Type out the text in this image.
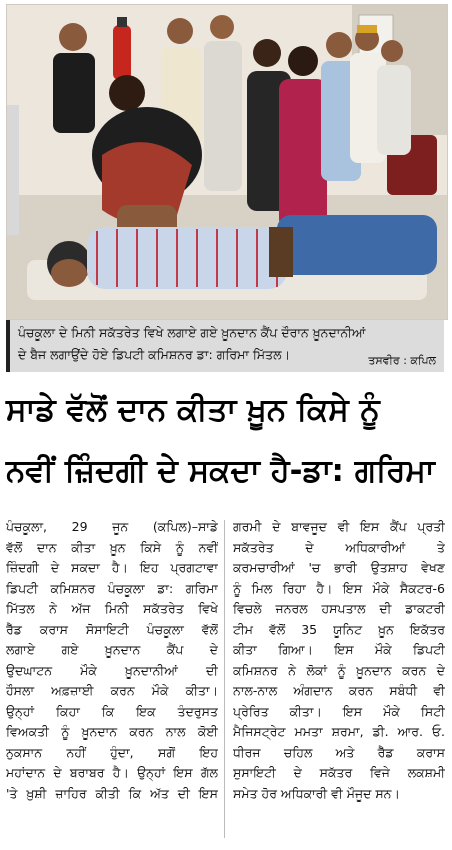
ਪੰਚਕੂਲਾ ਦੇ ਮਿਨੀ ਸਕੱਤਰੇਤ ਵਿਖੇ ਲਗਾਏ ਗਏ ਖ਼ੂਨਦਾਨ ਕੈਂਪ ਦੌਰਾਨ ਖ਼ੂਨਦਾਨੀਆਂ
ਦੇ ਬੈਜ ਲਗਾਉਂਦੇ ਹੋਏ ਡਿਪਟੀ ਕਮਿਸ਼ਨਰ ਡਾ: ਗਰਿਮਾ ਮਿੱਤਲ।	ਤਸਵੀਰ : ਕਪਿਲ
ਸਾਡੇ ਵੱਲੋਂ ਦਾਨ ਕੀਤਾ ਖ਼ੂਨ ਕਿਸੇ ਨੂੰ
ਨਵੀਂ ਜ਼ਿੰਦਗੀ ਦੇ ਸਕਦਾ ਹੈ-ਡਾ: ਗਰਿਮਾ
ਪੰਚਕੂਲਾ, 29 ਜੂਨ (ਕਪਿਲ)–ਸਾਡੇ
ਵੱਲੋਂ ਦਾਨ ਕੀਤਾ ਖ਼ੂਨ ਕਿਸੇ ਨੂੰ ਨਵੀਂ
ਜ਼ਿੰਦਗੀ ਦੇ ਸਕਦਾ ਹੈ। ਇਹ ਪ੍ਰਗਟਾਵਾ
ਡਿਪਟੀ ਕਮਿਸ਼ਨਰ ਪੰਚਕੂਲਾ ਡਾ: ਗਰਿਮਾ
ਮਿੱਤਲ ਨੇ ਅੱਜ ਮਿਨੀ ਸਕੱਤਰੇਤ ਵਿਖੇ
ਰੈੱਡ ਕਰਾਸ ਸੋਸਾਇਟੀ ਪੰਚਕੂਲਾ ਵੱਲੋਂ
ਲਗਾਏ ਗਏ ਖ਼ੂਨਦਾਨ ਕੈਂਪ ਦੇ
ਉਦਘਾਟਨ ਮੌਕੇ ਖ਼ੂਨਦਾਨੀਆਂ ਦੀ
ਹੌਸਲਾ ਅਫ਼ਜ਼ਾਈ ਕਰਨ ਮੌਕੇ ਕੀਤਾ।
ਉਨ੍ਹਾਂ ਕਿਹਾ ਕਿ ਇਕ ਤੰਦਰੁਸਤ
ਵਿਅਕਤੀ ਨੂੰ ਖ਼ੂਨਦਾਨ ਕਰਨ ਨਾਲ ਕੋਈ
ਨੁਕਸਾਨ ਨਹੀਂ ਹੁੰਦਾ, ਸਗੋਂ ਇਹ
ਮਹਾਂਦਾਨ ਦੇ ਬਰਾਬਰ ਹੈ। ਉਨ੍ਹਾਂ ਇਸ ਗੱਲ
'ਤੇ ਖ਼ੁਸ਼ੀ ਜ਼ਾਹਿਰ ਕੀਤੀ ਕਿ ਅੱਤ ਦੀ ਇਸ
ਗਰਮੀ ਦੇ ਬਾਵਜੂਦ ਵੀ ਇਸ ਕੈਂਪ ਪ੍ਰਤੀ
ਸਕੱਤਰੇਤ ਦੇ ਅਧਿਕਾਰੀਆਂ ਤੇ
ਕਰਮਚਾਰੀਆਂ 'ਚ ਭਾਰੀ ਉਤਸ਼ਾਹ ਵੇਖਣ
ਨੂੰ ਮਿਲ ਰਿਹਾ ਹੈ। ਇਸ ਮੌਕੇ ਸੈਕਟਰ-6
ਵਿਚਲੇ ਜਨਰਲ ਹਸਪਤਾਲ ਦੀ ਡਾਕਟਰੀ
ਟੀਮ ਵੱਲੋਂ 35 ਯੂਨਿਟ ਖ਼ੂਨ ਇਕੱਤਰ
ਕੀਤਾ ਗਿਆ। ਇਸ ਮੌਕੇ ਡਿਪਟੀ
ਕਮਿਸ਼ਨਰ ਨੇ ਲੋਕਾਂ ਨੂੰ ਖ਼ੂਨਦਾਨ ਕਰਨ ਦੇ
ਨਾਲ-ਨਾਲ ਅੰਗਦਾਨ ਕਰਨ ਸਬੰਧੀ ਵੀ
ਪ੍ਰੇਰਿਤ ਕੀਤਾ। ਇਸ ਮੌਕੇ ਸਿਟੀ
ਮੈਜਿਸਟ੍ਰੇਟ ਮਮਤਾ ਸ਼ਰਮਾ, ਡੀ. ਆਰ. ਓ.
ਧੀਰਜ ਚਹਿਲ ਅਤੇ ਰੈੱਡ ਕਰਾਸ
ਸੁਸਾਇਟੀ ਦੇ ਸਕੱਤਰ ਵਿਜੇ ਲਕਸ਼ਮੀ
ਸਮੇਤ ਹੋਰ ਅਧਿਕਾਰੀ ਵੀ ਮੌਜੂਦ ਸਨ।
